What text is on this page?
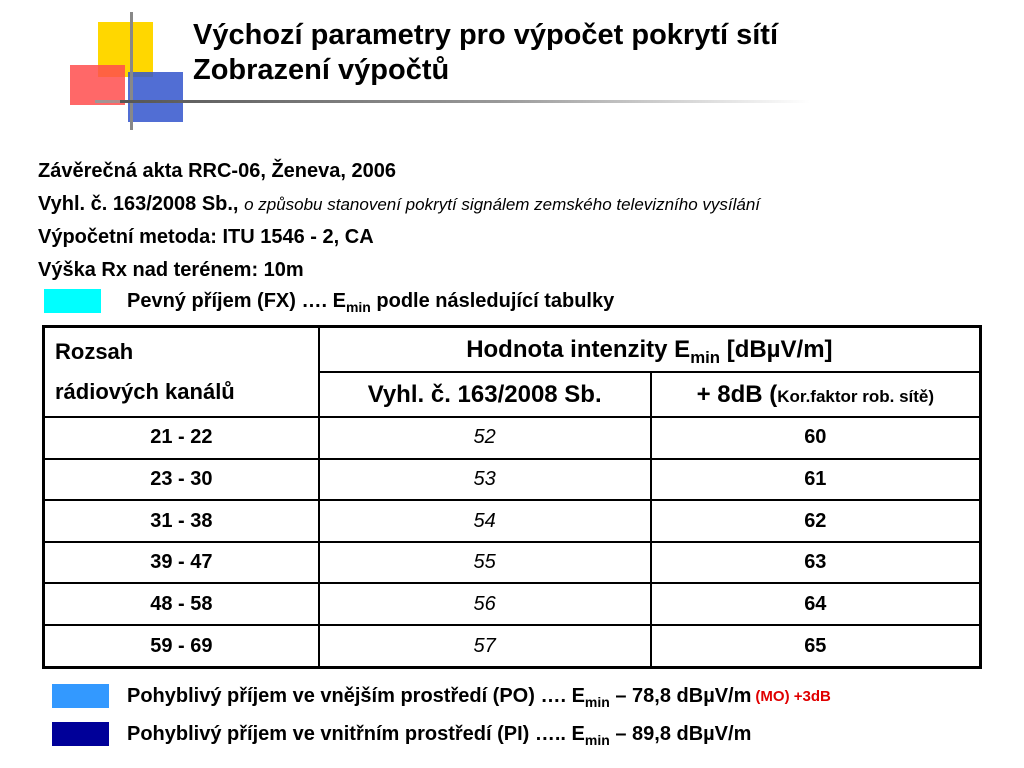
Výchozí parametry pro výpočet pokrytí sítí
Zobrazení výpočtů
Závěrečná akta RRC-06, Ženeva, 2006
Vyhl. č. 163/2008 Sb., o způsobu stanovení pokrytí signálem zemského televizního vysílání
Výpočetní metoda: ITU 1546 - 2, CA
Výška Rx nad terénem: 10m
Pevný příjem (FX) …. $E_{min}$ podle následující tabulky
Rozsah
rádiových kanálů	Hodnota intenzity $E_{min}$ [dBµV/m]	
	Vyhl. č. 163/2008 Sb.	+ 8dB (Kor.faktor rob. sítě)
21 - 22	52	60
23 - 30	53	61
31 - 38	54	62
39 - 47	55	63
48 - 58	56	64
59 - 69	57	65
Pohyblivý příjem ve vnějším prostředí (PO) …. $E_{min} - 78,8$ dBµV/m (MO) +3dB
Pohyblivý příjem ve vnitřním prostředí (PI) ….. $E_{min} - 89,8$ dBµV/m
